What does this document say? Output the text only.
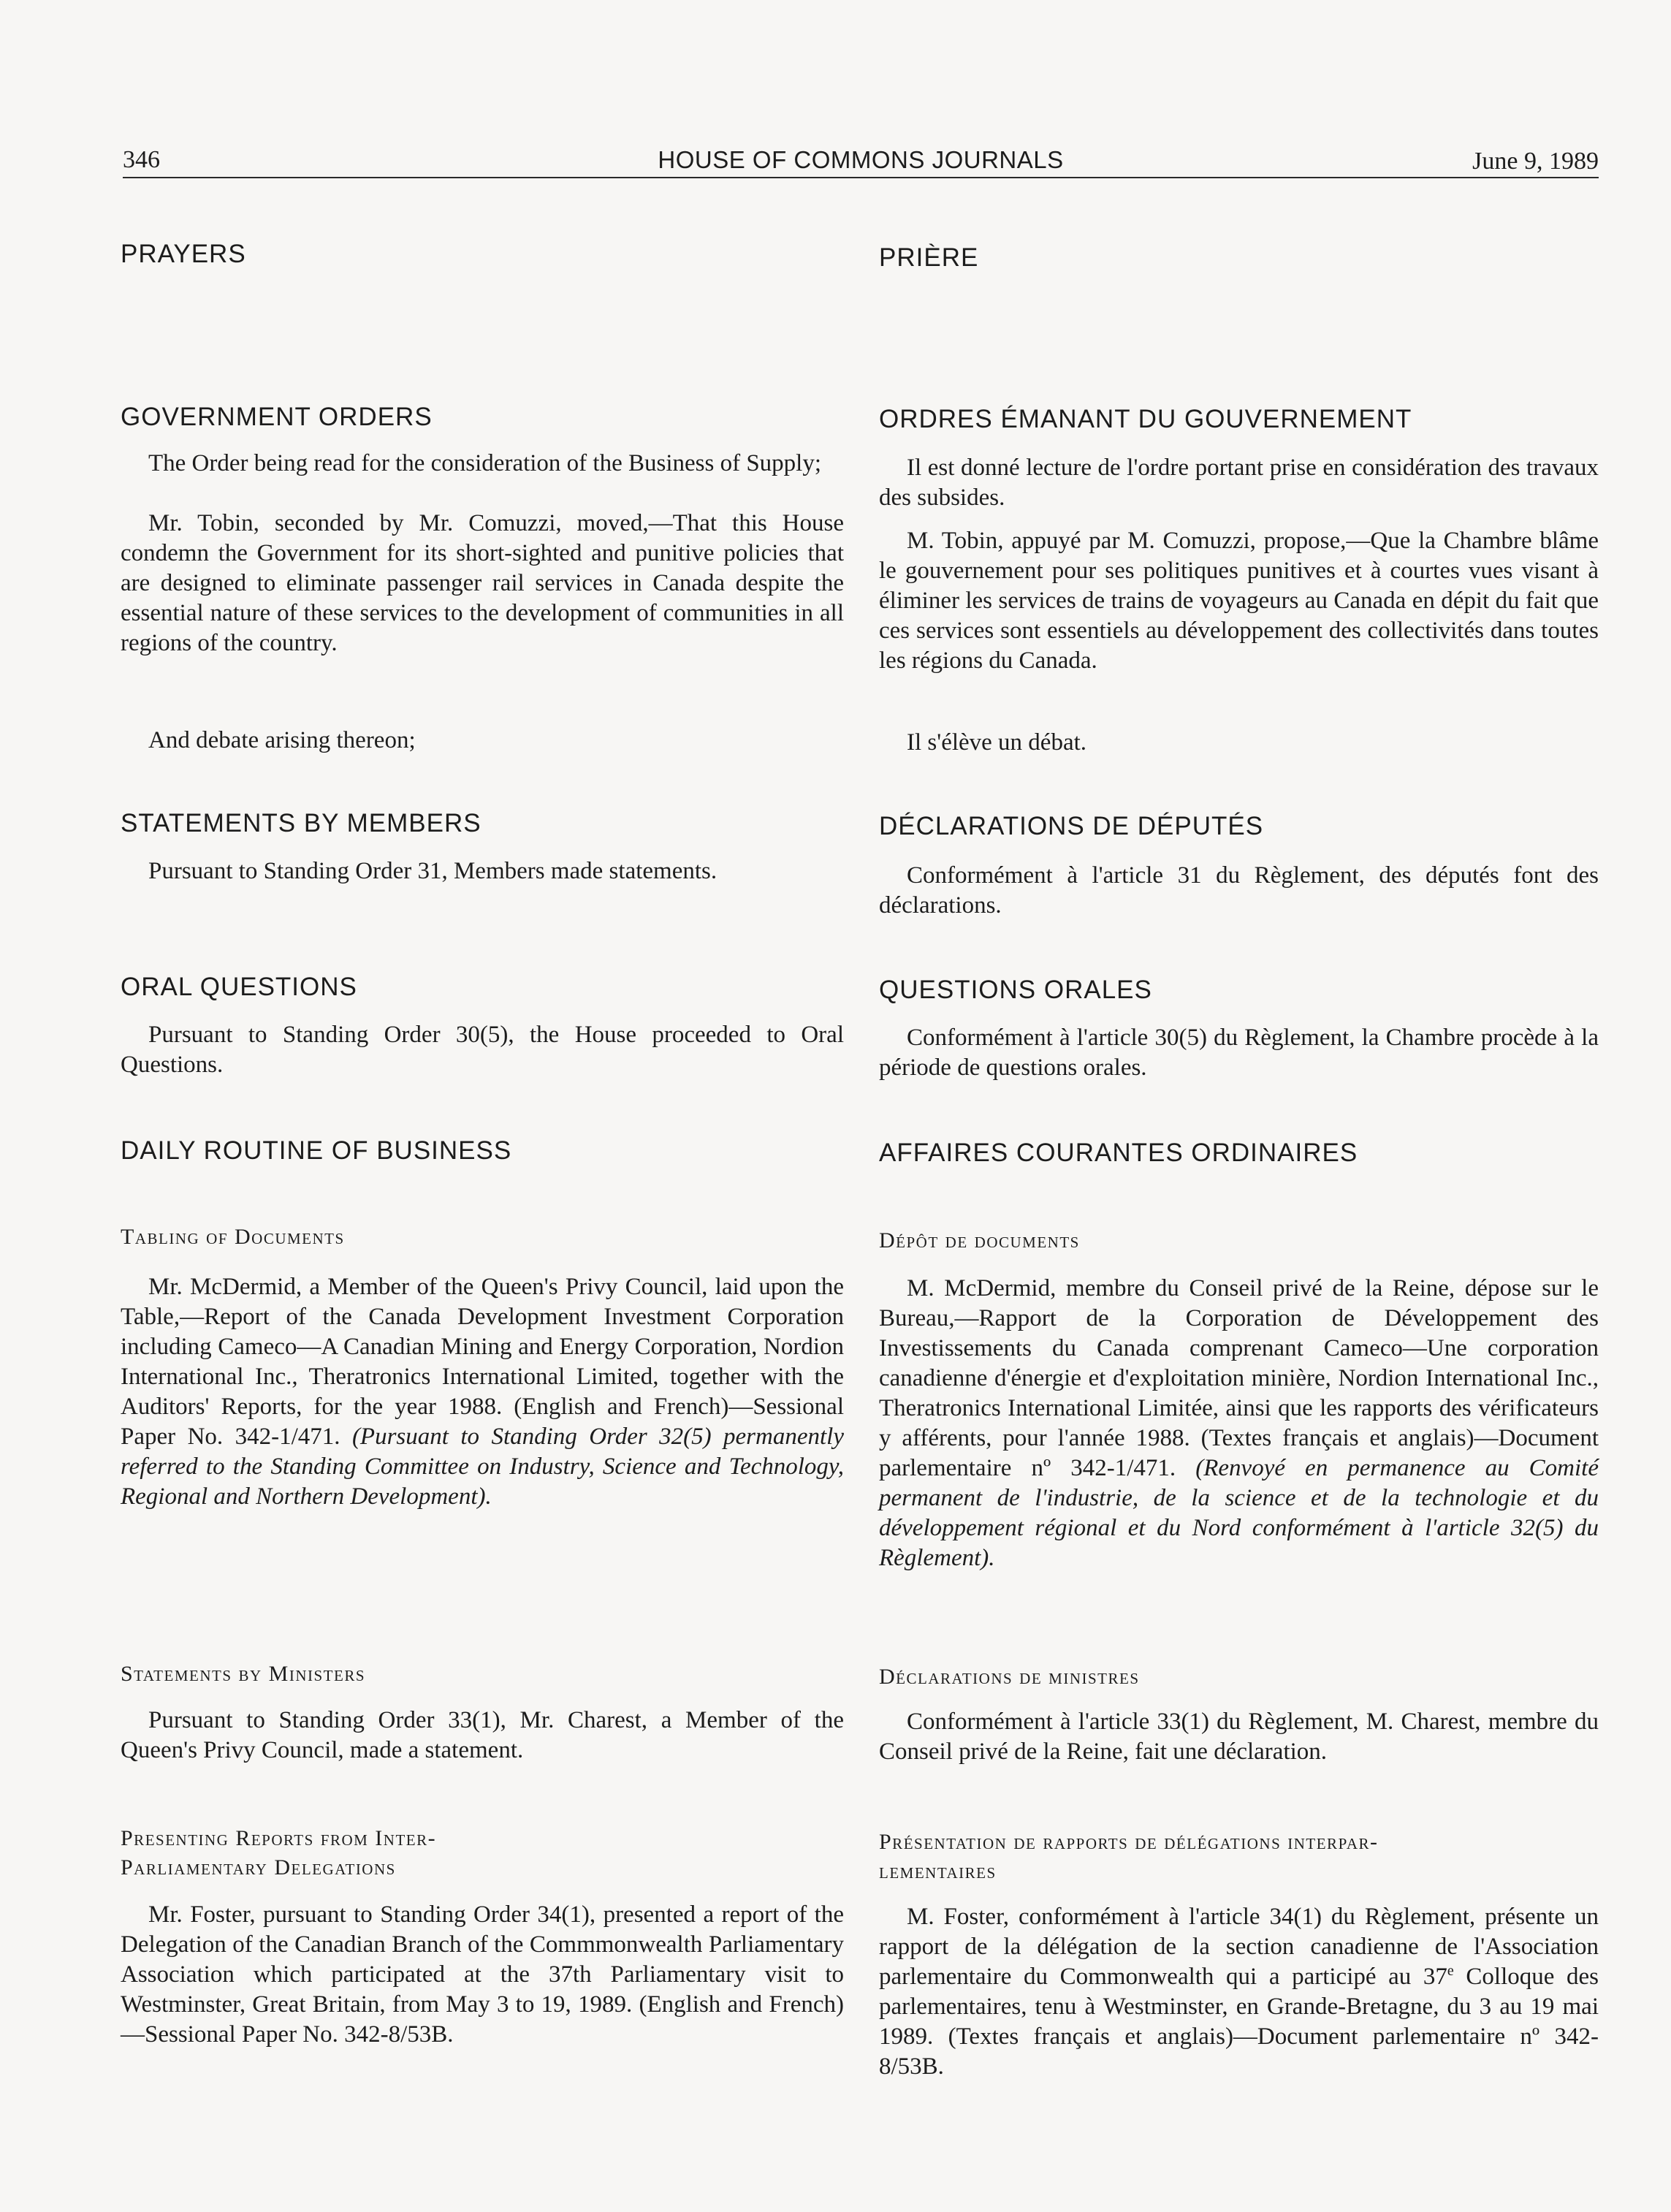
346	HOUSE OF COMMONS JOURNALS	June 9, 1989
PRAYERS
GOVERNMENT ORDERS
The Order being read for the consideration of the Business of Supply;
Mr. Tobin, seconded by Mr. Comuzzi, moved,—That this House condemn the Government for its short-sighted and punitive policies that are designed to eliminate passenger rail services in Canada despite the essential nature of these services to the development of communities in all regions of the country.
And debate arising thereon;
STATEMENTS BY MEMBERS
Pursuant to Standing Order 31, Members made statements.
ORAL QUESTIONS
Pursuant to Standing Order 30(5), the House proceeded to Oral Questions.
DAILY ROUTINE OF BUSINESS
Tabling of Documents
Mr. McDermid, a Member of the Queen's Privy Council, laid upon the Table,—Report of the Canada Development Investment Corporation including Cameco—A Canadian Mining and Energy Corporation, Nordion International Inc., Theratronics International Limited, together with the Auditors' Reports, for the year 1988. (English and French)—Sessional Paper No. 342-1/471. (Pursuant to Standing Order 32(5) permanently referred to the Standing Committee on Industry, Science and Technology, Regional and Northern Development).
Statements by Ministers
Pursuant to Standing Order 33(1), Mr. Charest, a Member of the Queen's Privy Council, made a statement.
Presenting Reports from Inter-
Parliamentary Delegations
Mr. Foster, pursuant to Standing Order 34(1), presented a report of the Delegation of the Canadian Branch of the Commmonwealth Parliamentary Association which participated at the 37th Parliamentary visit to Westminster, Great Britain, from May 3 to 19, 1989. (English and French)—Sessional Paper No. 342-8/53B.
PRIÈRE
ORDRES ÉMANANT DU GOUVERNEMENT
Il est donné lecture de l'ordre portant prise en considération des travaux des subsides.
M. Tobin, appuyé par M. Comuzzi, propose,—Que la Chambre blâme le gouvernement pour ses politiques punitives et à courtes vues visant à éliminer les services de trains de voyageurs au Canada en dépit du fait que ces services sont essentiels au développement des collectivités dans toutes les régions du Canada.
Il s'élève un débat.
DÉCLARATIONS DE DÉPUTÉS
Conformément à l'article 31 du Règlement, des députés font des déclarations.
QUESTIONS ORALES
Conformément à l'article 30(5) du Règlement, la Chambre procède à la période de questions orales.
AFFAIRES COURANTES ORDINAIRES
Dépôt de documents
M. McDermid, membre du Conseil privé de la Reine, dépose sur le Bureau,—Rapport de la Corporation de Développement des Investissements du Canada comprenant Cameco—Une corporation canadienne d'énergie et d'exploitation minière, Nordion International Inc., Theratronics International Limitée, ainsi que les rapports des vérificateurs y afférents, pour l'année 1988. (Textes français et anglais)—Document parlementaire nº 342-1/471. (Renvoyé en permanence au Comité permanent de l'industrie, de la science et de la technologie et du développement régional et du Nord conformément à l'article 32(5) du Règlement).
Déclarations de ministres
Conformément à l'article 33(1) du Règlement, M. Charest, membre du Conseil privé de la Reine, fait une déclaration.
Présentation de rapports de délégations interpar-
lementaires
M. Foster, conformément à l'article 34(1) du Règlement, présente un rapport de la délégation de la section canadienne de l'Association parlementaire du Commonwealth qui a participé au 37e Colloque des parlementaires, tenu à Westminster, en Grande-Bretagne, du 3 au 19 mai 1989. (Textes français et anglais)—Document parlementaire nº 342-8/53B.
